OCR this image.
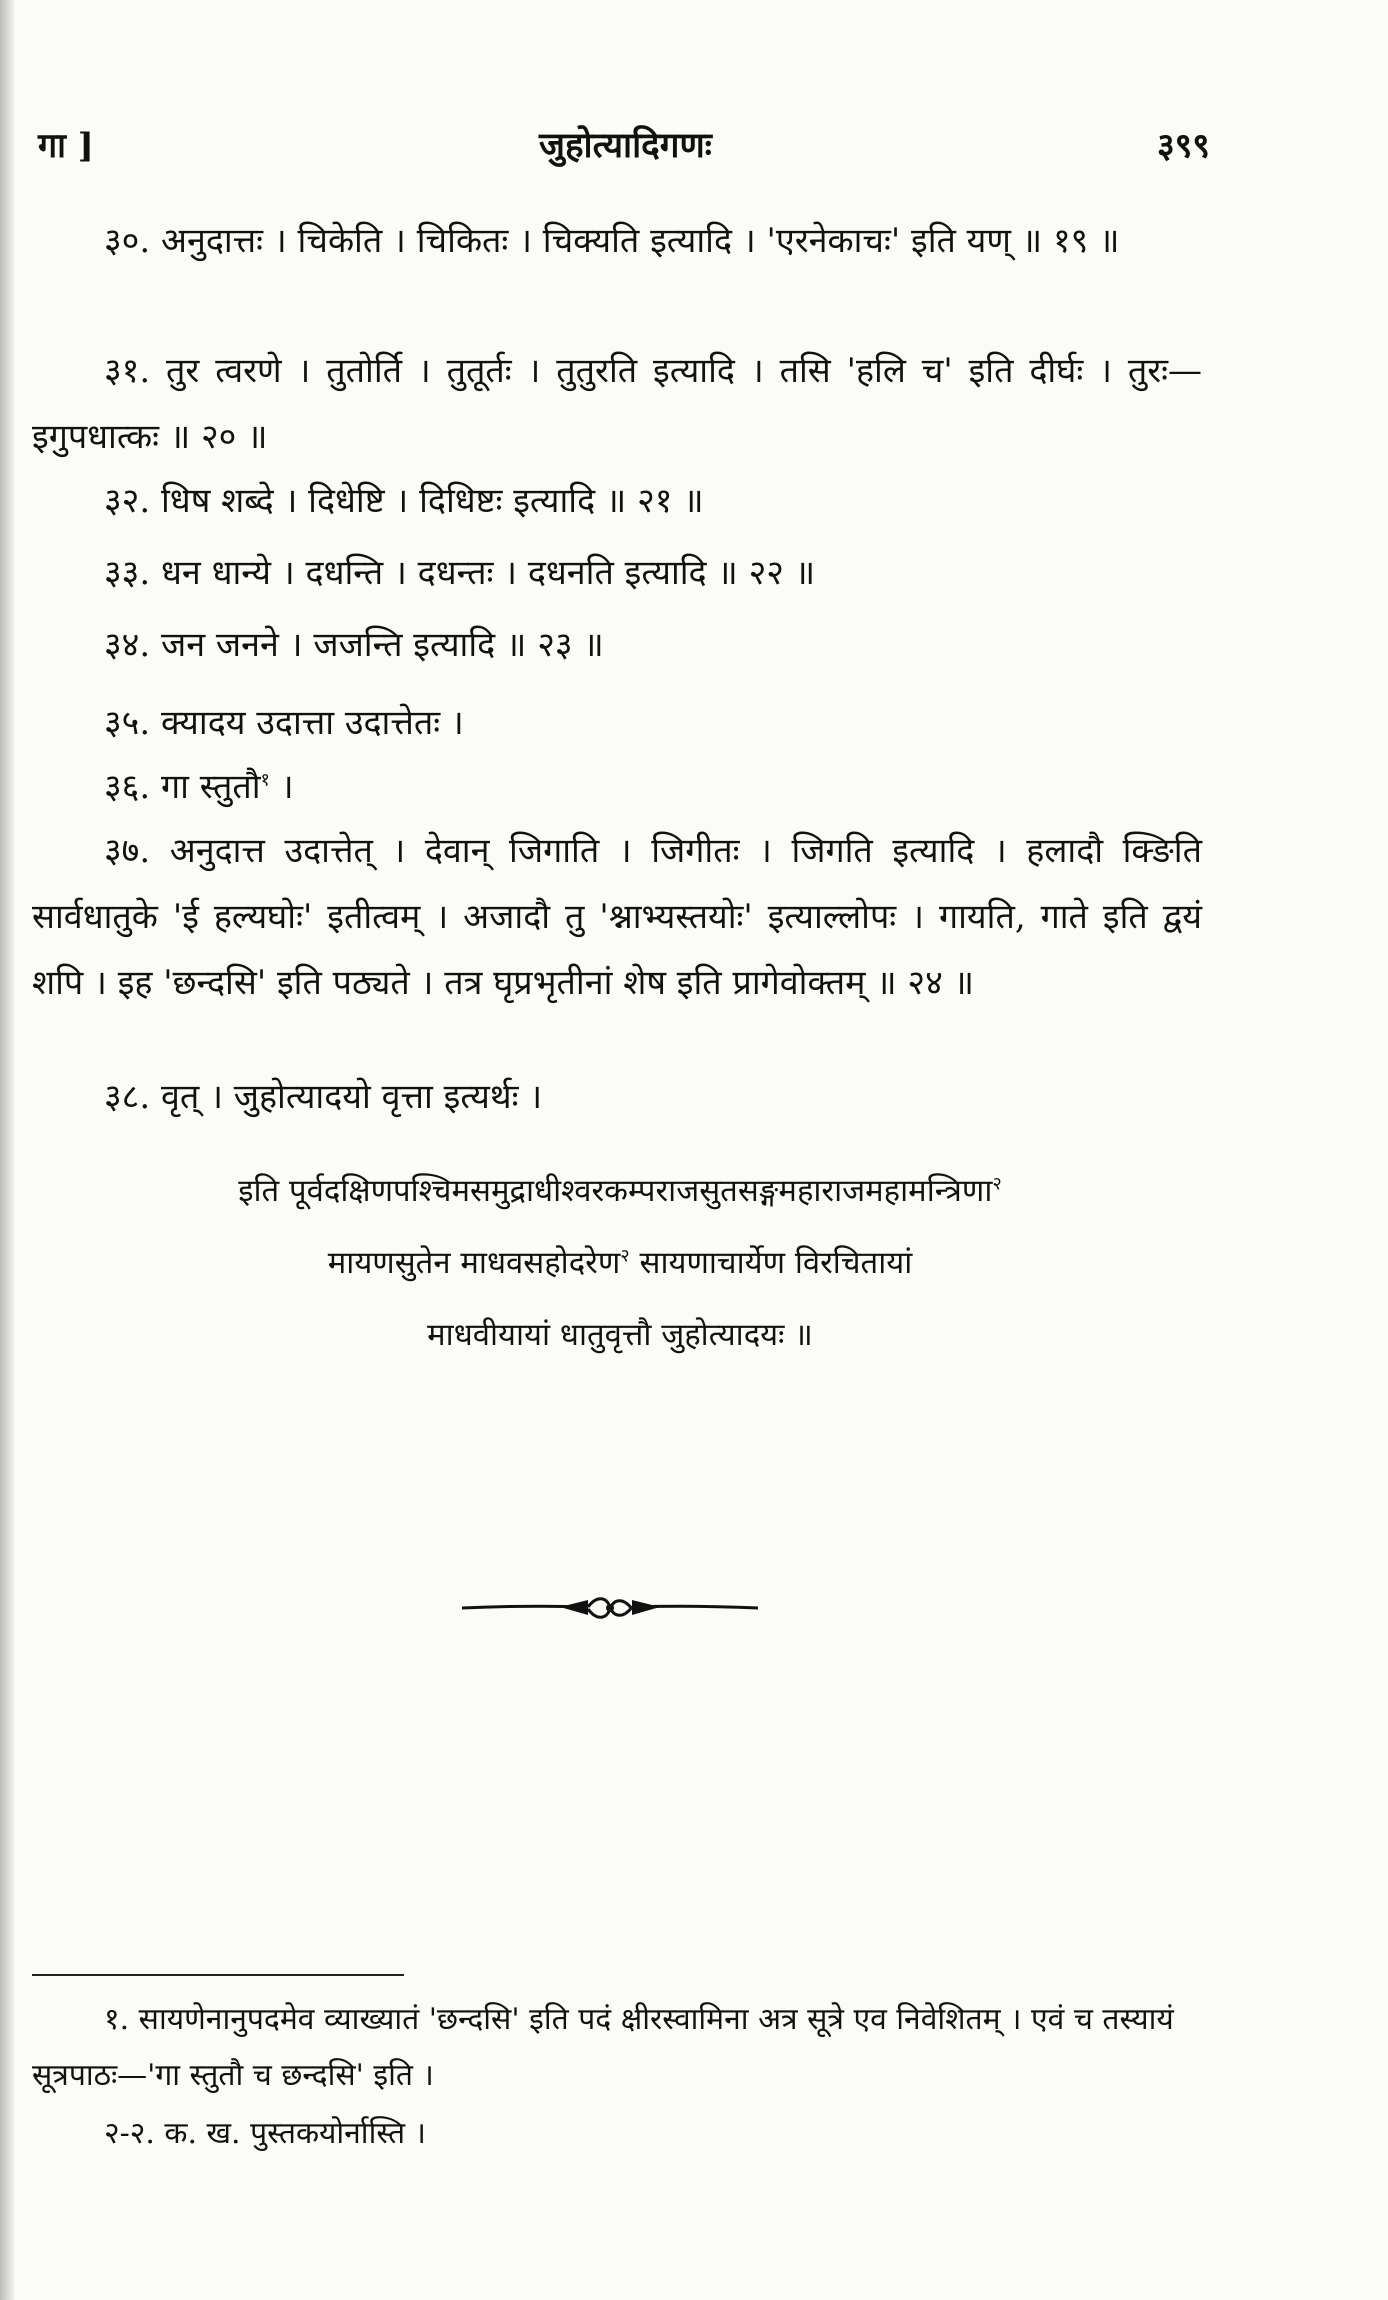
गा ]	जुहोत्यादिगणः	३९९

३०. अनुदात्तः । चिकेति । चिकितः । चिक्यति इत्यादि । 'एरनेकाचः' इति यण् ॥ १९ ॥

३१. तुर त्वरणे । तुतोर्ति । तुतूर्तः । तुतुरति इत्यादि । तसि 'हलि च' इति दीर्घः । तुरः—इगुपधात्कः ॥ २० ॥

३२. धिष शब्दे । दिधेष्टि । दिधिष्टः इत्यादि ॥ २१ ॥

३३. धन धान्ये । दधन्ति । दधन्तः । दधनति इत्यादि ॥ २२ ॥

३४. जन जनने । जजन्ति इत्यादि ॥ २३ ॥

३५. क्यादय उदात्ता उदात्तेतः ।

३६. गा स्तुतौ$^१$ ।

३७. अनुदात्त उदात्तेत् । देवान् जिगाति । जिगीतः । जिगति इत्यादि । हलादौ क्ङिति सार्वधातुके 'ई हल्यघोः' इतीत्वम् । अजादौ तु 'श्नाभ्यस्तयोः' इत्याल्लोपः । गायति, गाते इति द्वयं शपि । इह 'छन्दसि' इति पठ्यते । तत्र घृप्रभृतीनां शेष इति प्रागेवोक्तम् ॥ २४ ॥

३८. वृत् । जुहोत्यादयो वृत्ता इत्यर्थः ।

इति पूर्वदक्षिणपश्चिमसमुद्राधीश्वरकम्पराजसुतसङ्गमहाराजमहामन्त्रिणा$^२$
मायणसुतेन माधवसहोदरेण$^२$ सायणाचार्येण विरचितायां
माधवीयायां धातुवृत्तौ जुहोत्यादयः ॥

१. सायणेनानुपदमेव व्याख्यातं 'छन्दसि' इति पदं क्षीरस्वामिना अत्र सूत्रे एव निवेशितम् । एवं च तस्यायं सूत्रपाठः—'गा स्तुतौ च छन्दसि' इति ।

२-२. क. ख. पुस्तकयोर्नास्ति ।
